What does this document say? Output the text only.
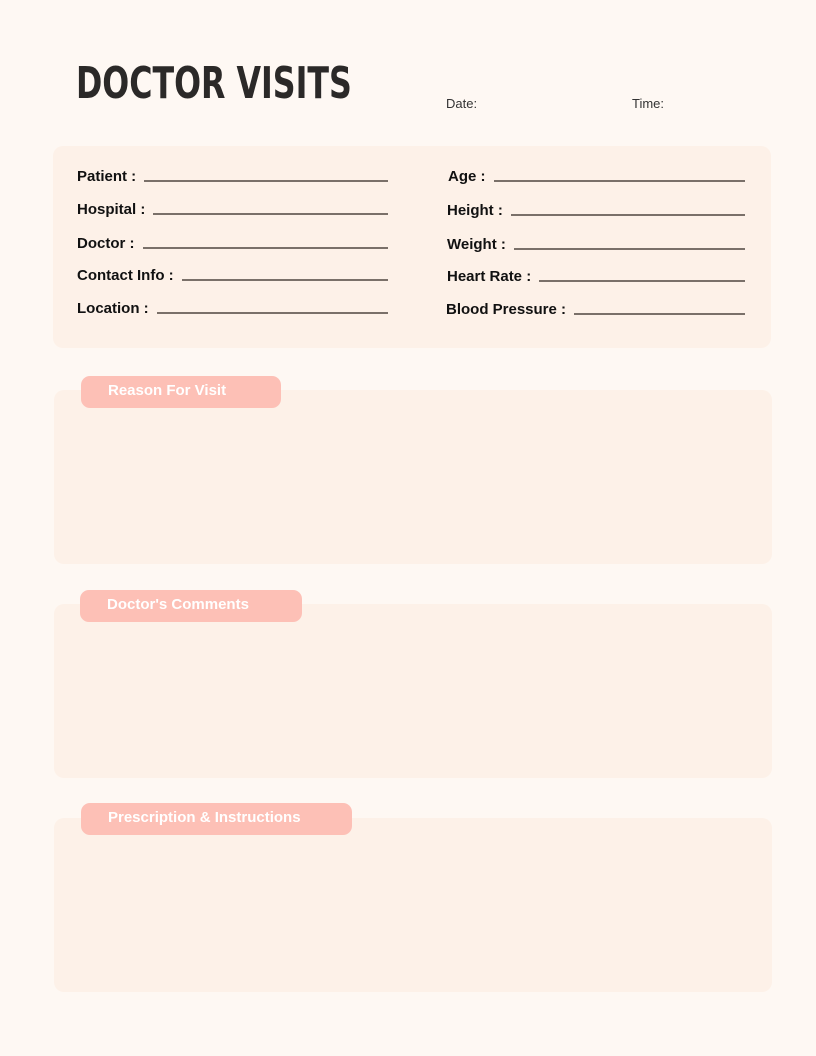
DOCTOR VISITS	Date:	Time:
Patient :
Hospital :
Doctor :
Contact Info :
Location :
Age :
Height :
Weight :
Heart Rate :
Blood Pressure :
Reason For Visit
Doctor's Comments
Prescription & Instructions
